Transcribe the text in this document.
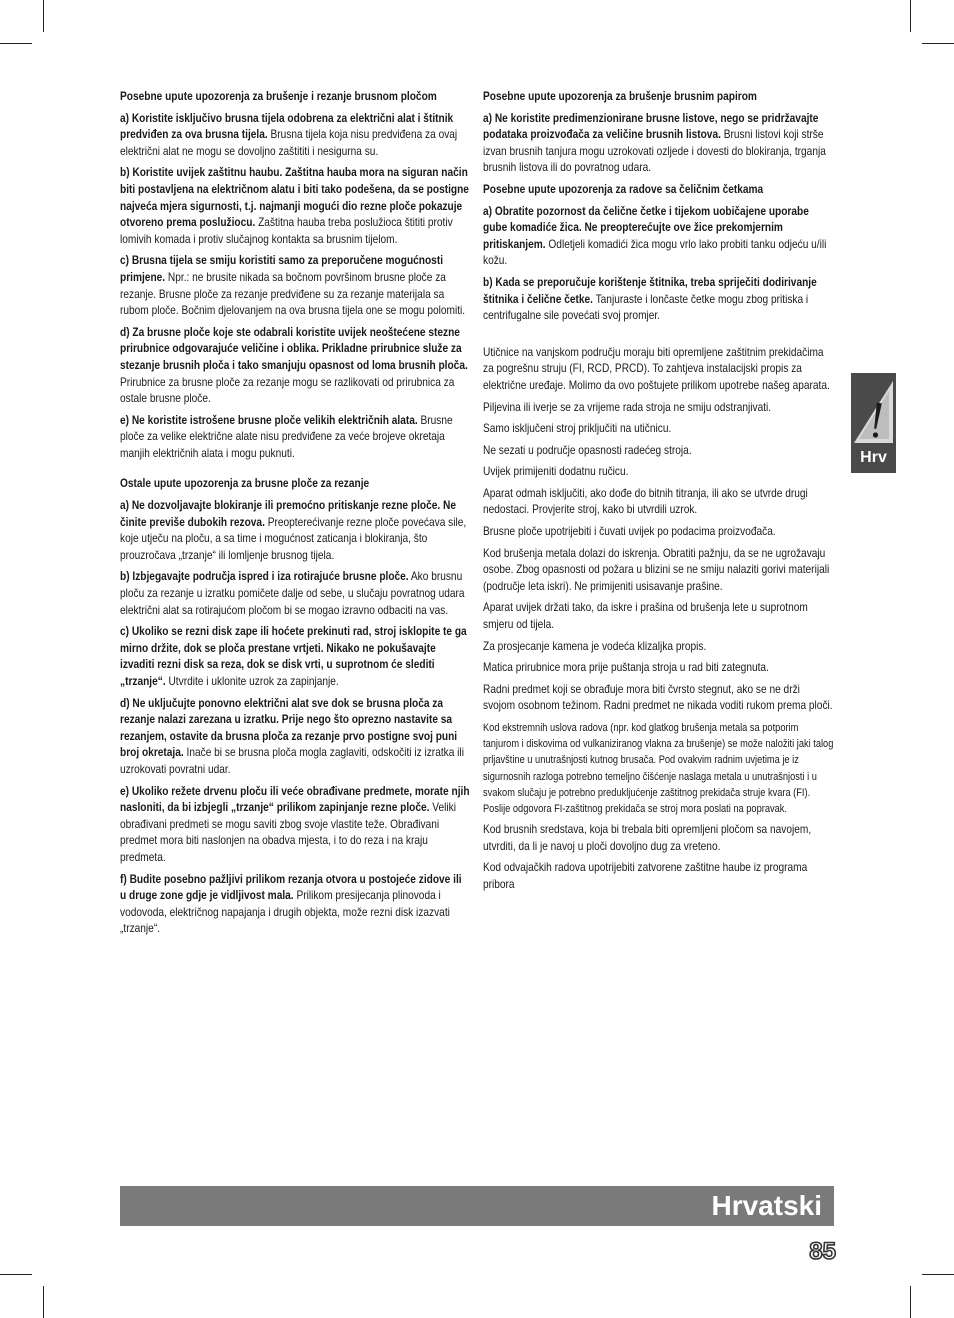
Posebne upute upozorenja za brušenje i rezanje brusnom pločom

a) Koristite isključivo brusna tijela odobrena za električni alat i štitnik predviđen za ova brusna tijela. Brusna tijela koja nisu predviđena za ovaj električni alat ne mogu se dovoljno zaštititi i nesigurna su.

b) Koristite uvijek zaštitnu haubu. Zaštitna hauba mora na siguran način biti postavljena na električnom alatu i biti tako podešena, da se postigne najveća mjera sigurnosti, t.j. najmanji mogući dio rezne ploče pokazuje otvoreno prema poslužiocu. Zaštitna hauba treba poslužioca štititi protiv lomivih komada i protiv slučajnog kontakta sa brusnim tijelom.

c) Brusna tijela se smiju koristiti samo za preporučene mogućnosti primjene. Npr.: ne brusite nikada sa bočnom površinom brusne ploče za rezanje. Brusne ploče za rezanje predviđene su za rezanje materijala sa rubom ploče. Bočnim djelovanjem na ova brusna tijela one se mogu polomiti.

d) Za brusne ploče koje ste odabrali koristite uvijek neoštećene stezne prirubnice odgovarajuće veličine i oblika. Prikladne prirubnice služe za stezanje brusnih ploča i tako smanjuju opasnost od loma brusnih ploča. Prirubnice za brusne ploče za rezanje mogu se razlikovati od prirubnica za ostale brusne ploče.

e) Ne koristite istrošene brusne ploče velikih električnih alata. Brusne ploče za velike električne alate nisu predviđene za veće brojeve okretaja manjih električnih alata i mogu puknuti.

Ostale upute upozorenja za brusne ploče za rezanje

a) Ne dozvoljavajte blokiranje ili premoćno pritiskanje rezne ploče. Ne činite previše dubokih rezova. Preopterećivanje rezne ploče povećava sile, koje utječu na ploču, a sa time i mogućnost zaticanja i blokiranja, što prouzročava „trzanje“ ili lomljenje brusnog tijela.

b) Izbjegavajte područja ispred i iza rotirajuće brusne ploče. Ako brusnu ploču za rezanje u izratku pomičete dalje od sebe, u slučaju povratnog udara električni alat sa rotirajućom pločom bi se mogao izravno odbaciti na vas.

c) Ukoliko se rezni disk zape ili hoćete prekinuti rad, stroj isklopite te ga mirno držite, dok se ploča prestane vrtjeti. Nikako ne pokušavajte izvaditi rezni disk sa reza, dok se disk vrti, u suprotnom će slediti „trzanje“. Utvrdite i uklonite uzrok za zapinjanje.

d) Ne uključujte ponovno električni alat sve dok se brusna ploča za rezanje nalazi zarezana u izratku. Prije nego što oprezno nastavite sa rezanjem, ostavite da brusna ploča za rezanje prvo postigne svoj puni broj okretaja. Inače bi se brusna ploča mogla zaglaviti, odskočiti iz izratka ili uzrokovati povratni udar.

e) Ukoliko režete drvenu ploču ili veće obrađivane predmete, morate njih nasloniti, da bi izbjegli „trzanje“ prilikom zapinjanje rezne ploče. Veliki obrađivani predmeti se mogu saviti zbog svoje vlastite teže. Obrađivani predmet mora biti naslonjen na obadva mjesta, i to do reza i na kraju predmeta.

f) Budite posebno pažljivi prilikom rezanja otvora u postojeće zidove ili u druge zone gdje je vidljivost mala. Prilikom presijecanja plinovoda i vodovoda, električnog napajanja i drugih objekta, može rezni disk izazvati „trzanje“.

Posebne upute upozorenja za brušenje brusnim papirom

a) Ne koristite predimenzionirane brusne listove, nego se pridržavajte podataka proizvođača za veličine brusnih listova. Brusni listovi koji strše izvan brusnih tanjura mogu uzrokovati ozljede i dovesti do blokiranja, trganja brusnih listova ili do povratnog udara.

Posebne upute upozorenja za radove sa čeličnim četkama

a) Obratite pozornost da čelične četke i tijekom uobičajene uporabe gube komadiće žica. Ne preopterećujte ove žice prekomjernim pritiskanjem. Odletjeli komadići žica mogu vrlo lako probiti tanku odjeću u/ili kožu.

b) Kada se preporučuje korištenje štitnika, treba spriječiti dodirivanje štitnika i čelične četke. Tanjuraste i lončaste četke mogu zbog pritiska i centrifugalne sile povećati svoj promjer.

Utičnice na vanjskom području moraju biti opremljene zaštitnim prekidačima za pogrešnu struju (FI, RCD, PRCD). To zahtjeva instalacijski propis za električne uređaje. Molimo da ovo poštujete prilikom upotrebe našeg aparata.

Piljevina ili iverje se za vrijeme rada stroja ne smiju odstranjivati.

Samo isključeni stroj priključiti na utičnicu.

Ne sezati u područje opasnosti radećeg stroja.

Uvijek primijeniti dodatnu ručicu.

Aparat odmah isključiti, ako dođe do bitnih titranja, ili ako se utvrde drugi nedostaci. Provjerite stroj, kako bi utvrdili uzrok.

Brusne ploče upotrijebiti i čuvati uvijek po podacima proizvođača.

Kod brušenja metala dolazi do iskrenja. Obratiti pažnju, da se ne ugrožavaju osobe. Zbog opasnosti od požara u blizini se ne smiju nalaziti gorivi materijali (područje leta iskri). Ne primijeniti usisavanje prašine.

Aparat uvijek držati tako, da iskre i prašina od brušenja lete u suprotnom smjeru od tijela.

Za prosjecanje kamena je vodeća klizaljka propis.

Matica prirubnice mora prije puštanja stroja u rad biti zategnuta.

Radni predmet koji se obrađuje mora biti čvrsto stegnut, ako se ne drži svojom osobnom težinom. Radni predmet ne nikada voditi rukom prema ploči.

Kod ekstremnih uslova radova (npr. kod glatkog brušenja metala sa potporim tanjurom i diskovima od vulkaniziranog vlakna za brušenje) se može naložiti jaki talog prljavštine u unutrašnjosti kutnog brusača. Pod ovakvim radnim uvjetima je iz sigurnosnih razloga potrebno temeljno čišćenje naslaga metala u unutrašnjosti i u svakom slučaju je potrebno predukljućenje zaštitnog prekidača struje kvara (FI). Poslije odgovora FI-zaštitnog prekidača se stroj mora poslati na popravak.

Kod brusnih sredstava, koja bi trebala biti opremljeni pločom sa navojem, utvrditi, da li je navoj u ploči dovoljno dug za vreteno.

Kod odvajačkih radova upotrijebiti zatvorene zaštitne haube iz programa pribora

Hrv
Hrvatski
85
